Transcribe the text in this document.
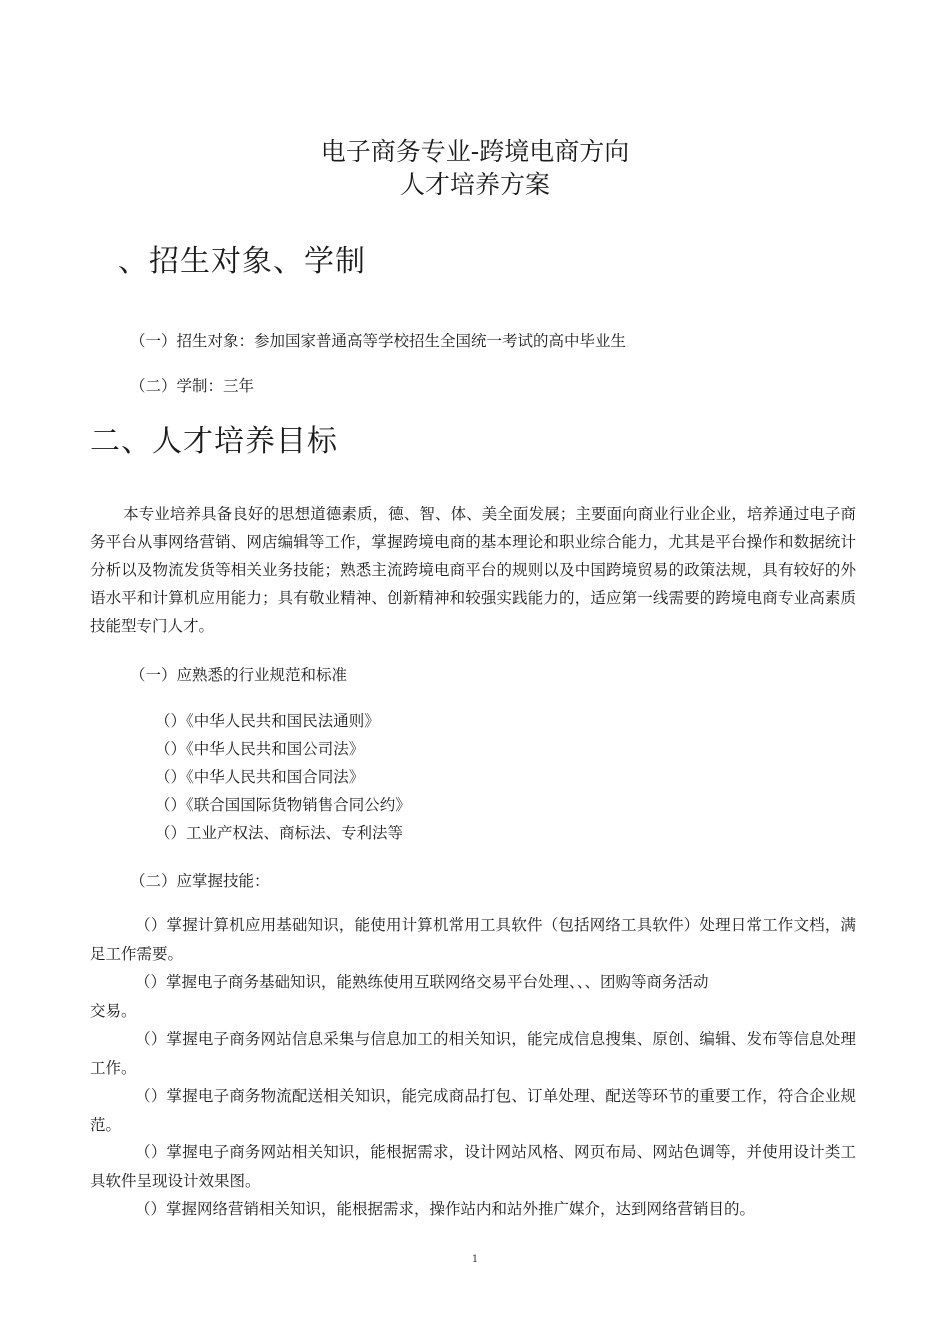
电子商务专业-跨境电商方向
人才培养方案
、招生对象、学制
（一）招生对象：参加国家普通高等学校招生全国统一考试的高中毕业生
（二）学制：三年
二、人才培养目标
本专业培养具备良好的思想道德素质，德、智、体、美全面发展；主要面向商业行业企业，培养通过电子商务平台从事网络营销、网店编辑等工作，掌握跨境电商的基本理论和职业综合能力，尤其是平台操作和数据统计分析以及物流发货等相关业务技能；熟悉主流跨境电商平台的规则以及中国跨境贸易的政策法规，具有较好的外语水平和计算机应用能力；具有敬业精神、创新精神和较强实践能力的，适应第一线需要的跨境电商专业高素质技能型专门人才。
（一）应熟悉的行业规范和标准
（）《中华人民共和国民法通则》
（）《中华人民共和国公司法》
（）《中华人民共和国合同法》
（）《联合国国际货物销售合同公约》
（）工业产权法、商标法、专利法等
（二）应掌握技能：
（）掌握计算机应用基础知识，能使用计算机常用工具软件（包括网络工具软件）处理日常工作文档，满足工作需要。
（）掌握电子商务基础知识，能熟练使用互联网络交易平台处理、、、团购等商务活动
交易。
（）掌握电子商务网站信息采集与信息加工的相关知识，能完成信息搜集、原创、编辑、发布等信息处理工作。
（）掌握电子商务物流配送相关知识，能完成商品打包、订单处理、配送等环节的重要工作，符合企业规范。
（）掌握电子商务网站相关知识，能根据需求，设计网站风格、网页布局、网站色调等，并使用设计类工具软件呈现设计效果图。
（）掌握网络营销相关知识，能根据需求，操作站内和站外推广媒介，达到网络营销目的。
1
